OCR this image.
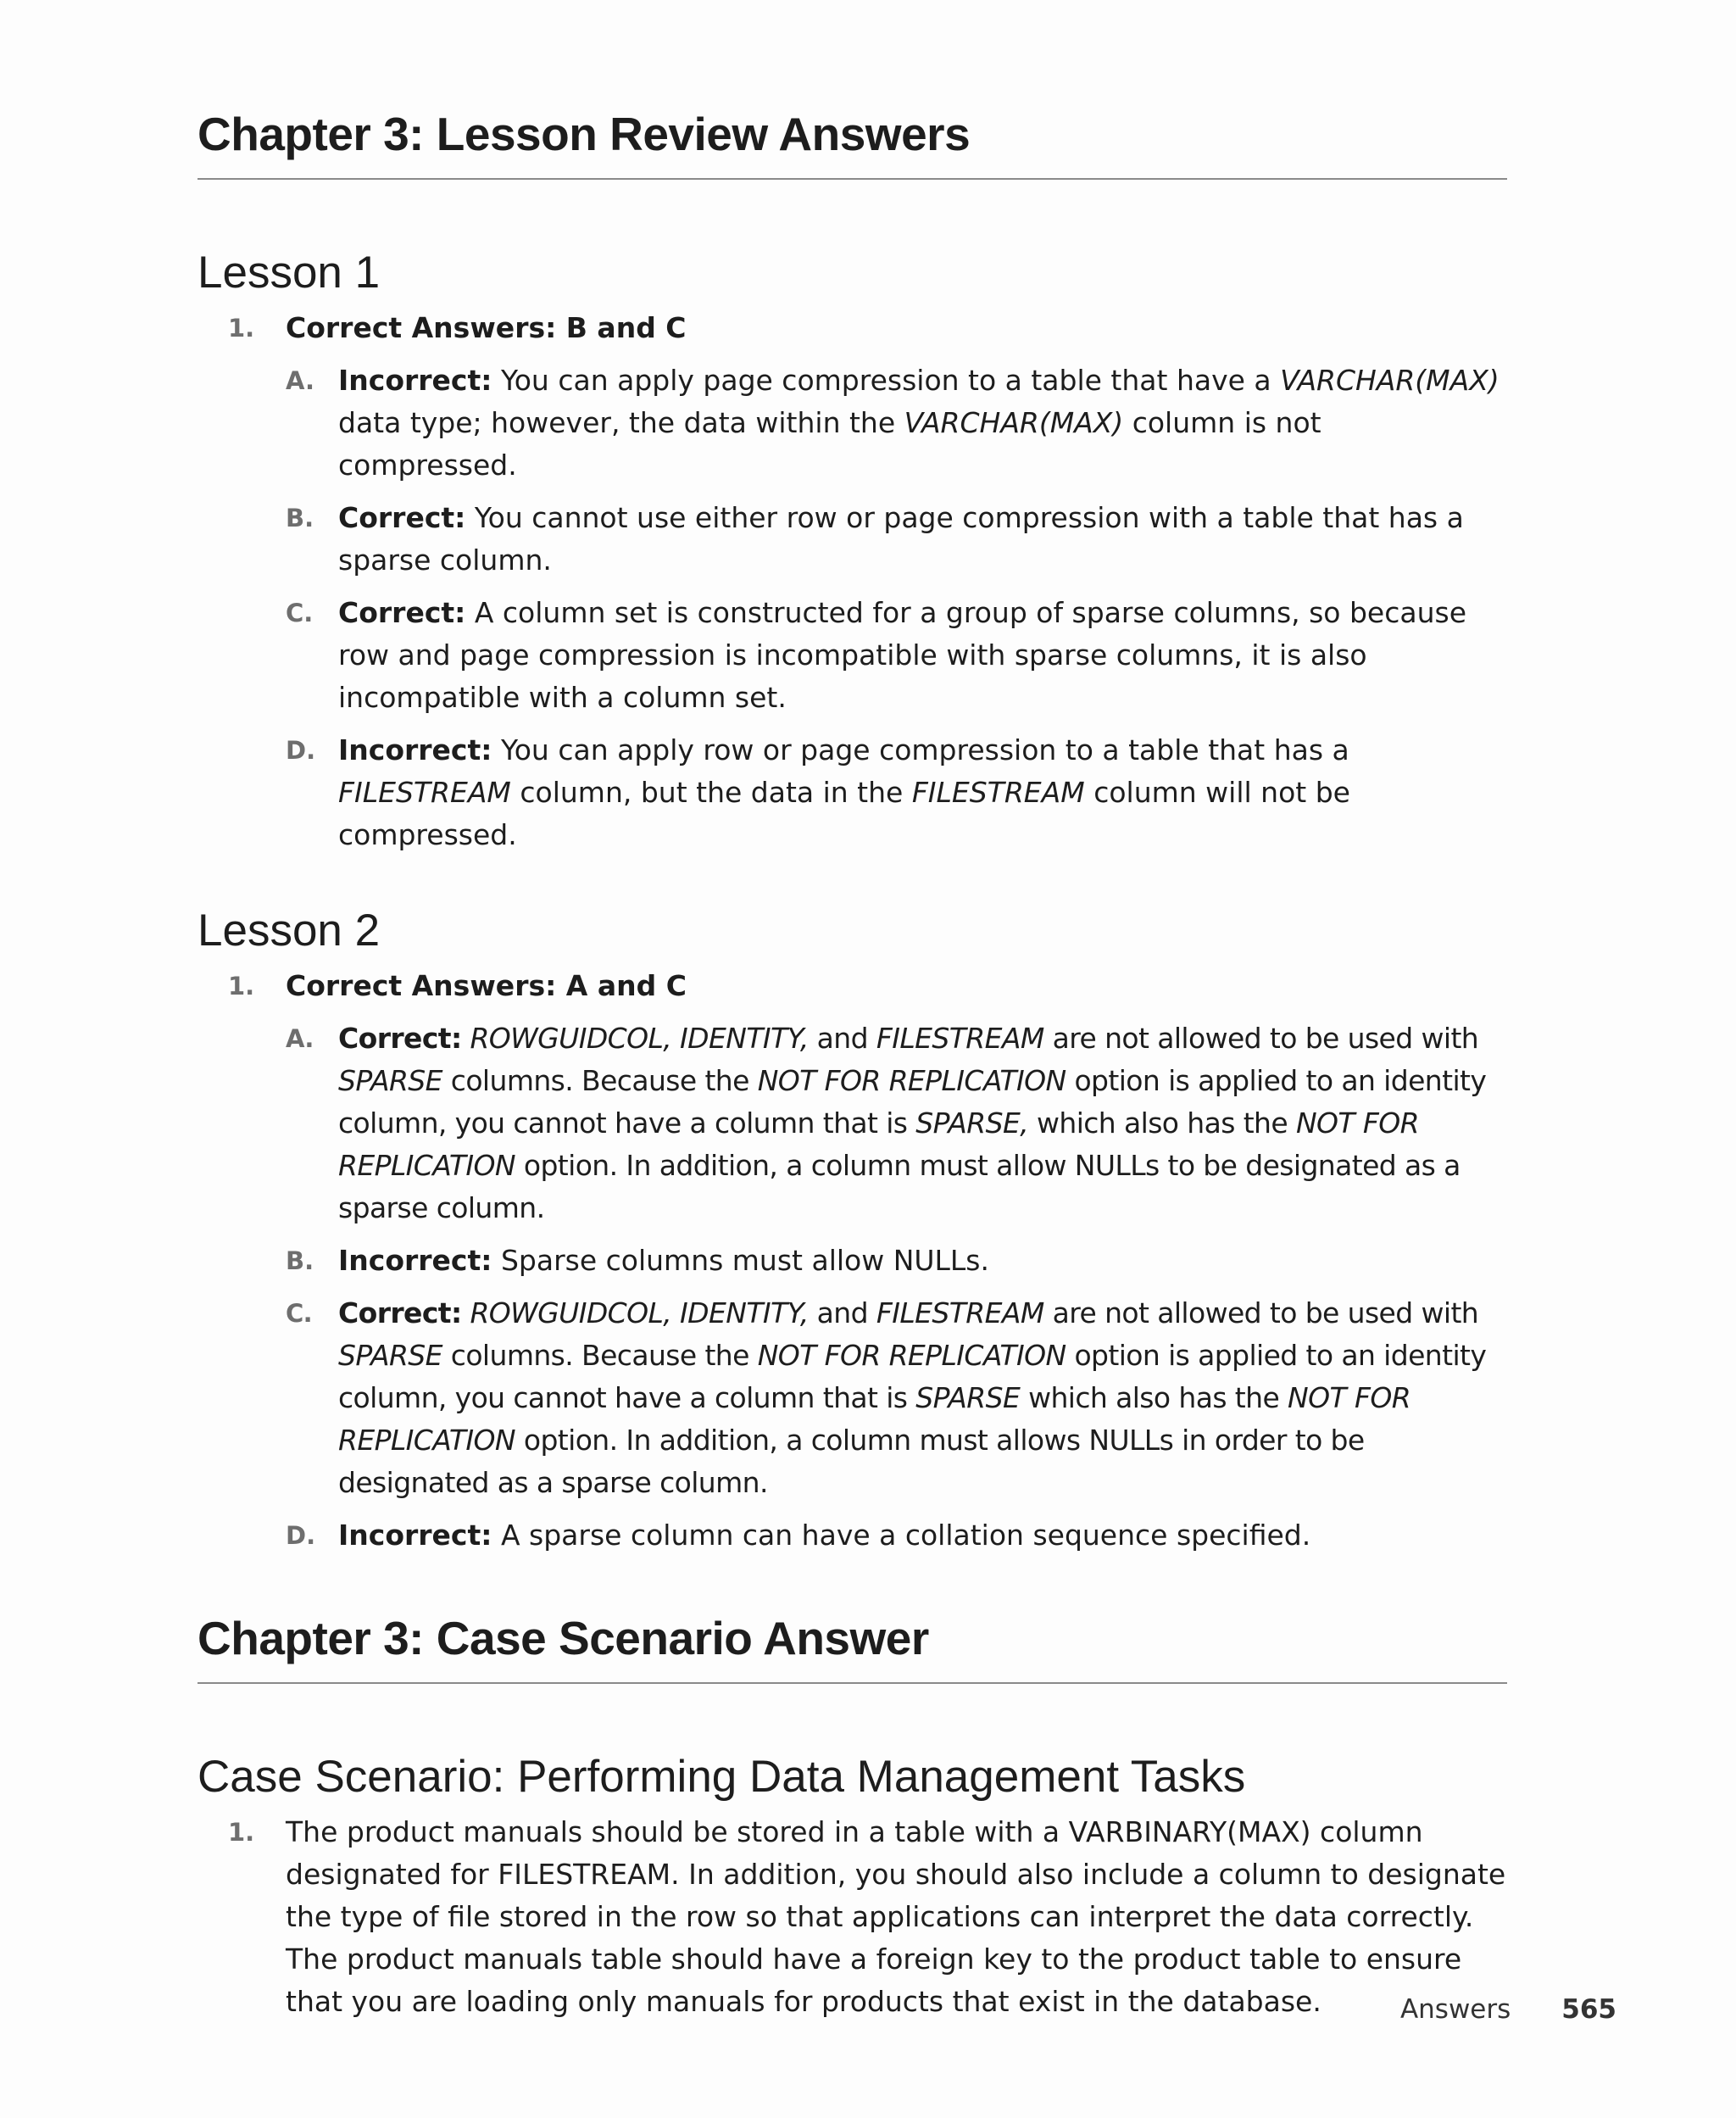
Chapter 3: Lesson Review Answers
Lesson 1
1. Correct Answers: B and C
A. Incorrect: You can apply page compression to a table that have a VARCHAR(MAX) data type; however, the data within the VARCHAR(MAX) column is not compressed.
B. Correct: You cannot use either row or page compression with a table that has a sparse column.
C. Correct: A column set is constructed for a group of sparse columns, so because row and page compression is incompatible with sparse columns, it is also incompatible with a column set.
D. Incorrect: You can apply row or page compression to a table that has a FILESTREAM column, but the data in the FILESTREAM column will not be compressed.
Lesson 2
1. Correct Answers: A and C
A. Correct: ROWGUIDCOL, IDENTITY, and FILESTREAM are not allowed to be used with SPARSE columns. Because the NOT FOR REPLICATION option is applied to an identity column, you cannot have a column that is SPARSE, which also has the NOT FOR REPLICATION option. In addition, a column must allow NULLs to be designated as a sparse column.
B. Incorrect: Sparse columns must allow NULLs.
C. Correct: ROWGUIDCOL, IDENTITY, and FILESTREAM are not allowed to be used with SPARSE columns. Because the NOT FOR REPLICATION option is applied to an identity column, you cannot have a column that is SPARSE which also has the NOT FOR REPLICATION option. In addition, a column must allows NULLs in order to be designated as a sparse column.
D. Incorrect: A sparse column can have a collation sequence specified.
Chapter 3: Case Scenario Answer
Case Scenario: Performing Data Management Tasks
1. The product manuals should be stored in a table with a VARBINARY(MAX) column designated for FILESTREAM. In addition, you should also include a column to designate the type of file stored in the row so that applications can interpret the data correctly. The product manuals table should have a foreign key to the product table to ensure that you are loading only manuals for products that exist in the database.	Answers 565
